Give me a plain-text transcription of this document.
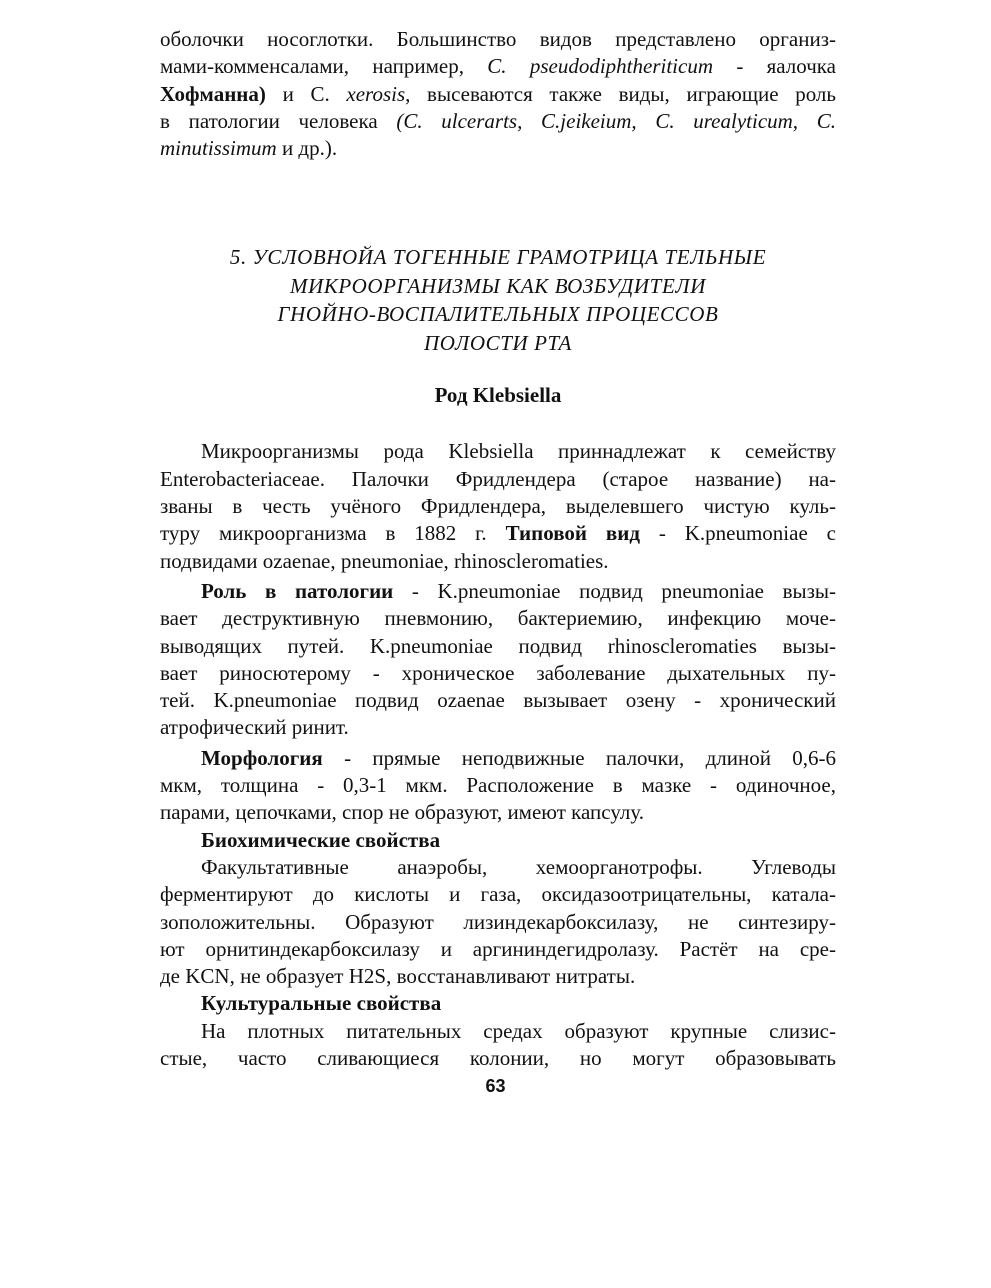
оболочки носоглотки. Большинство видов представлено организ-
мами-комменсалами, например, C. pseudodiphtheriticum - яалочка
Хофманна) и C. xerosis, высеваются также виды, играющие роль
в патологии человека (C. ulcerarts, C.jeikeium, C. urealyticum, C.
minutissimum и др.).
5. УСЛОВНОЙА ТОГЕННЫЕ ГРАМОТРИЦА ТЕЛЬНЫЕ
МИКРООРГАНИЗМЫ КАК ВОЗБУДИТЕЛИ
ГНОЙНО-ВОСПАЛИТЕЛЬНЫХ ПРОЦЕССОВ
ПОЛОСТИ РТА
Род Klebsiella
Микроорганизмы рода Klebsiella приннадлежат к семейству
Enterobacteriaceae. Палочки Фридлендера (старое название) на-
званы в честь учёного Фридлендера, выделевшего чистую куль-
туру микроорганизма в 1882 г. Типовой вид - K.pneumoniae с
подвидами ozaenae, pneumoniae, rhinoscleromaties.
Роль в патологии - K.pneumoniae подвид pneumoniae вызы-
вает деструктивную пневмонию, бактериемию, инфекцию моче-
выводящих путей. K.pneumoniae подвид rhinoscleromaties вызы-
вает риносютерому - хроническое заболевание дыхательных пу-
тей. K.pneumoniae подвид ozaenae вызывает озену - хронический
атрофический ринит.
Морфология - прямые неподвижные палочки, длиной 0,6-6
мкм, толщина - 0,3-1 мкм. Расположение в мазке - одиночное,
парами, цепочками, спор не образуют, имеют капсулу.
Биохимические свойства
Факультативные анаэробы, хемоорганотрофы. Углеводы
ферментируют до кислоты и газа, оксидазоотрицательны, катала-
зоположительны. Образуют лизиндекарбоксилазу, не синтезиру-
ют орнитиндекарбоксилазу и аргининдегидролазу. Растёт на сре-
де KCN, не образует H2S, восстанавливают нитраты.
Культуральные свойства
На плотных питательных средах образуют крупные слизис-
стые, часто сливающиеся колонии, но могут образовывать
63
